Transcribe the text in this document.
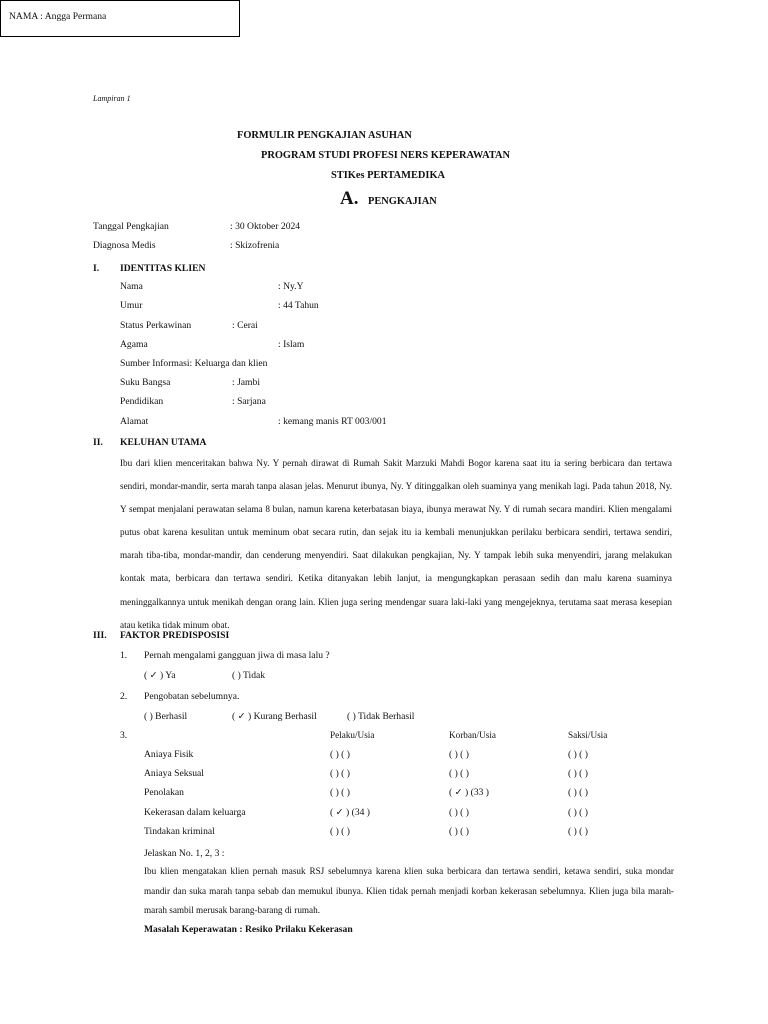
Lampiran 1
NAMA : Angga Permana
FORMULIR PENGKAJIAN ASUHAN
PROGRAM STUDI PROFESI NERS KEPERAWATAN
STIKes PERTAMEDIKA
A. PENGKAJIAN
Tanggal Pengkajian	: 30 Oktober 2024
Diagnosa Medis	: Skizofrenia
I. IDENTITAS KLIEN
Nama	: Ny.Y
Umur	: 44 Tahun
Status Perkawinan	: Cerai
Agama	: Islam
Sumber Informasi: Keluarga dan klien
Suku Bangsa	: Jambi
Pendidikan	: Sarjana
Alamat	: kemang manis RT 003/001
II. KELUHAN UTAMA
Ibu dari klien menceritakan bahwa Ny. Y pernah dirawat di Rumah Sakit Marzuki Mahdi Bogor karena saat itu ia sering berbicara dan tertawa sendiri, mondar-mandir, serta marah tanpa alasan jelas. Menurut ibunya, Ny. Y ditinggalkan oleh suaminya yang menikah lagi. Pada tahun 2018, Ny. Y sempat menjalani perawatan selama 8 bulan, namun karena keterbatasan biaya, ibunya merawat Ny. Y di rumah secara mandiri. Klien mengalami putus obat karena kesulitan untuk meminum obat secara rutin, dan sejak itu ia kembali menunjukkan perilaku berbicara sendiri, tertawa sendiri, marah tiba-tiba, mondar-mandir, dan cenderung menyendiri. Saat dilakukan pengkajian, Ny. Y tampak lebih suka menyendiri, jarang melakukan kontak mata, berbicara dan tertawa sendiri. Ketika ditanyakan lebih lanjut, ia mengungkapkan perasaan sedih dan malu karena suaminya meninggalkannya untuk menikah dengan orang lain. Klien juga sering mendengar suara laki-laki yang mengejeknya, terutama saat merasa kesepian atau ketika tidak minum obat.
III. FAKTOR PREDISPOSISI
1. Pernah mengalami gangguan jiwa di masa lalu ?
( ✓ ) Ya	( ) Tidak
2. Pengobatan sebelumnya.
( ) Berhasil	( ✓ ) Kurang Berhasil	( ) Tidak Berhasil
3.	Pelaku/Usia	Korban/Usia	Saksi/Usia
Aniaya Fisik	( ) ( )	( ) ( )	( ) ( )
Aniaya Seksual	( ) ( )	( ) ( )	( ) ( )
Penolakan	( ) ( )	( ✓ ) (33 )	( ) ( )
Kekerasan dalam keluarga	( ✓ ) (34 )	( ) ( )	( ) ( )
Tindakan kriminal	( ) ( )	( ) ( )	( ) ( )
Jelaskan No. 1, 2, 3 :
Ibu klien mengatakan klien pernah masuk RSJ sebelumnya karena klien suka berbicara dan tertawa sendiri, ketawa sendiri, suka mondar mandir dan suka marah tanpa sebab dan memukul ibunya. Klien tidak pernah menjadi korban kekerasan sebelumnya. Klien juga bila marah-marah sambil merusak barang-barang di rumah.
Masalah Keperawatan : Resiko Prilaku Kekerasan
